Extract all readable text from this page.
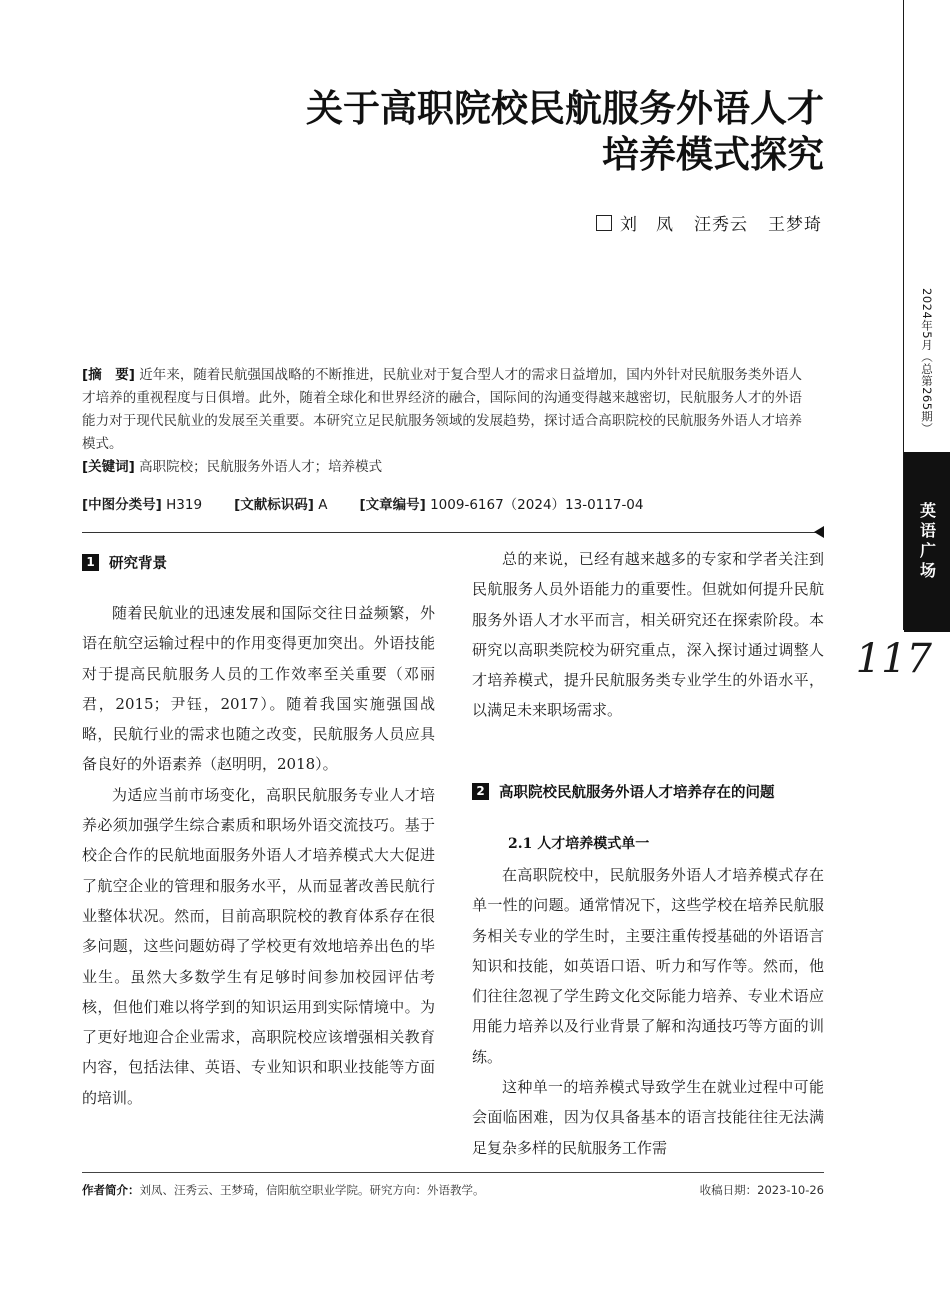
2024年5月（总第265期）
英语广场
117
关于高职院校民航服务外语人才
培养模式探究
刘　凤 汪秀云 王梦琦
[摘　要] 近年来，随着民航强国战略的不断推进，民航业对于复合型人才的需求日益增加，国内外针对民航服务类外语人才培养的重视程度与日俱增。此外，随着全球化和世界经济的融合，国际间的沟通变得越来越密切，民航服务人才的外语能力对于现代民航业的发展至关重要。本研究立足民航服务领域的发展趋势，探讨适合高职院校的民航服务外语人才培养模式。
[关键词] 高职院校；民航服务外语人才；培养模式
[中图分类号] H319 [文献标识码] A [文章编号] 1009-6167（2024）13-0117-04
1 研究背景

随着民航业的迅速发展和国际交往日益频繁，外语在航空运输过程中的作用变得更加突出。外语技能对于提高民航服务人员的工作效率至关重要（邓丽君，2015；尹钰，2017）。随着我国实施强国战略，民航行业的需求也随之改变，民航服务人员应具备良好的外语素养（赵明明，2018）。

为适应当前市场变化，高职民航服务专业人才培养必须加强学生综合素质和职场外语交流技巧。基于校企合作的民航地面服务外语人才培养模式大大促进了航空企业的管理和服务水平，从而显著改善民航行业整体状况。然而，目前高职院校的教育体系存在很多问题，这些问题妨碍了学校更有效地培养出色的毕业生。虽然大多数学生有足够时间参加校园评估考核，但他们难以将学到的知识运用到实际情境中。为了更好地迎合企业需求，高职院校应该增强相关教育内容，包括法律、英语、专业知识和职业技能等方面的培训。

总的来说，已经有越来越多的专家和学者关注到民航服务人员外语能力的重要性。但就如何提升民航服务外语人才水平而言，相关研究还在探索阶段。本研究以高职类院校为研究重点，深入探讨通过调整人才培养模式，提升民航服务类专业学生的外语水平，以满足未来职场需求。

2 高职院校民航服务外语人才培养存在的问题
2.1 人才培养模式单一

在高职院校中，民航服务外语人才培养模式存在单一性的问题。通常情况下，这些学校在培养民航服务相关专业的学生时，主要注重传授基础的外语语言知识和技能，如英语口语、听力和写作等。然而，他们往往忽视了学生跨文化交际能力培养、专业术语应用能力培养以及行业背景了解和沟通技巧等方面的训练。

这种单一的培养模式导致学生在就业过程中可能会面临困难，因为仅具备基本的语言技能往往无法满足复杂多样的民航服务工作需

作者简介：刘凤、汪秀云、王梦琦，信阳航空职业学院。研究方向：外语教学。	收稿日期：2023-10-26
